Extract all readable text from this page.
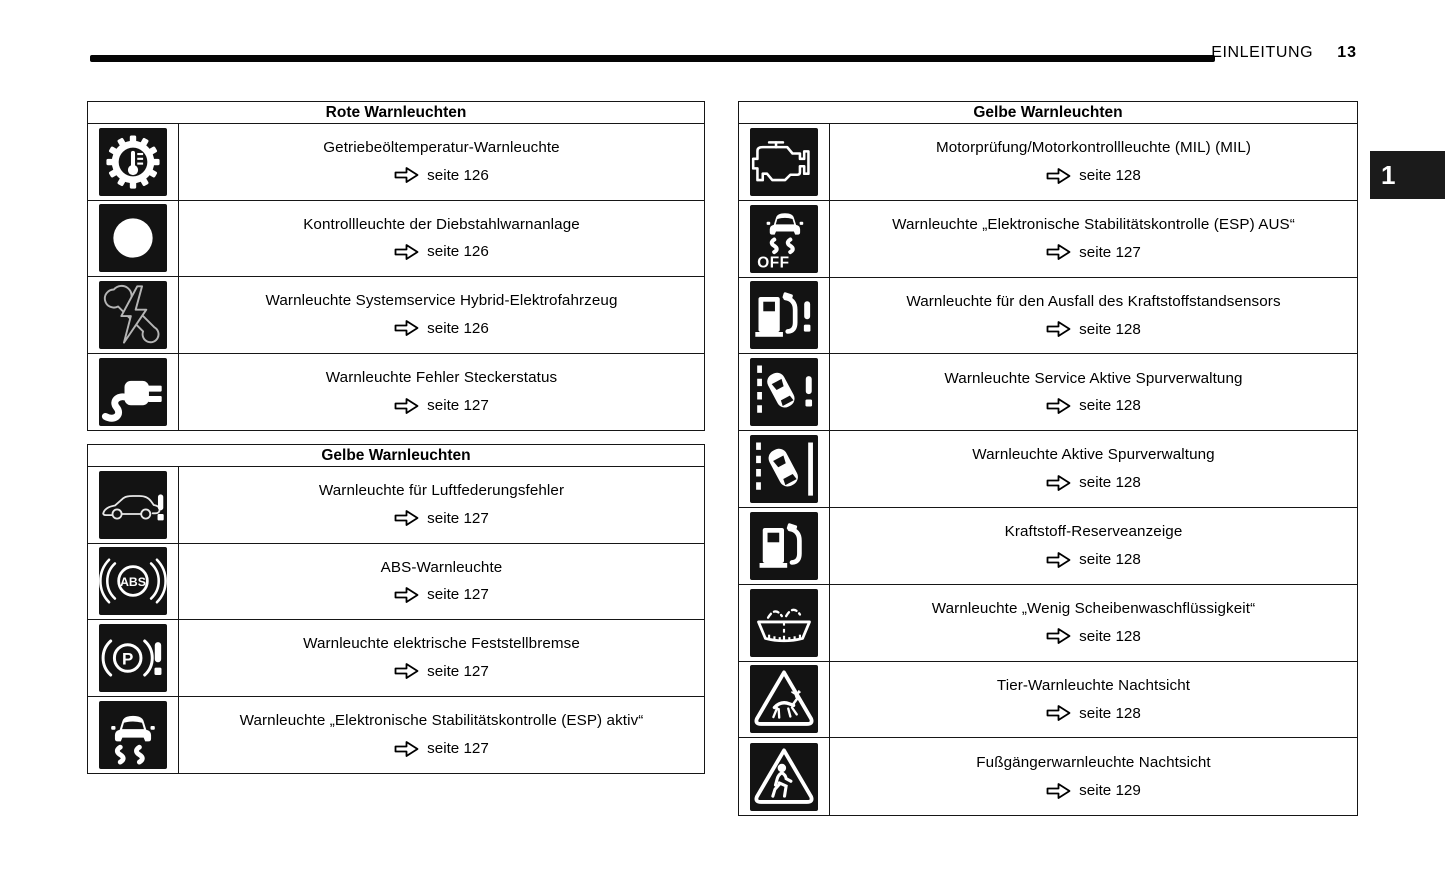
EINLEITUNG 13
1
Rote Warnleuchten
Getriebeöltemperatur-Warnleuchte
seite 126
Kontrollleuchte der Diebstahlwarnanlage
seite 126
Warnleuchte Systemservice Hybrid-Elektrofahrzeug
seite 126
Warnleuchte Fehler Steckerstatus
seite 127
Gelbe Warnleuchten
Warnleuchte für Luftfederungsfehler
seite 127
ABS
ABS-Warnleuchte
seite 127
P
Warnleuchte elektrische Feststellbremse
seite 127
Warnleuchte „Elektronische Stabilitätskontrolle (ESP) aktiv“
seite 127
Gelbe Warnleuchten
Motorprüfung/Motorkontrollleuchte (MIL) (MIL)
seite 128
OFF
Warnleuchte „Elektronische Stabilitätskontrolle (ESP) AUS“
seite 127
Warnleuchte für den Ausfall des Kraftstoffstandsensors
seite 128
Warnleuchte Service Aktive Spurverwaltung
seite 128
Warnleuchte Aktive Spurverwaltung
seite 128
Kraftstoff-Reserveanzeige
seite 128
Warnleuchte „Wenig Scheibenwaschflüssigkeit“
seite 128
Tier-Warnleuchte Nachtsicht
seite 128
Fußgängerwarnleuchte Nachtsicht
seite 129
